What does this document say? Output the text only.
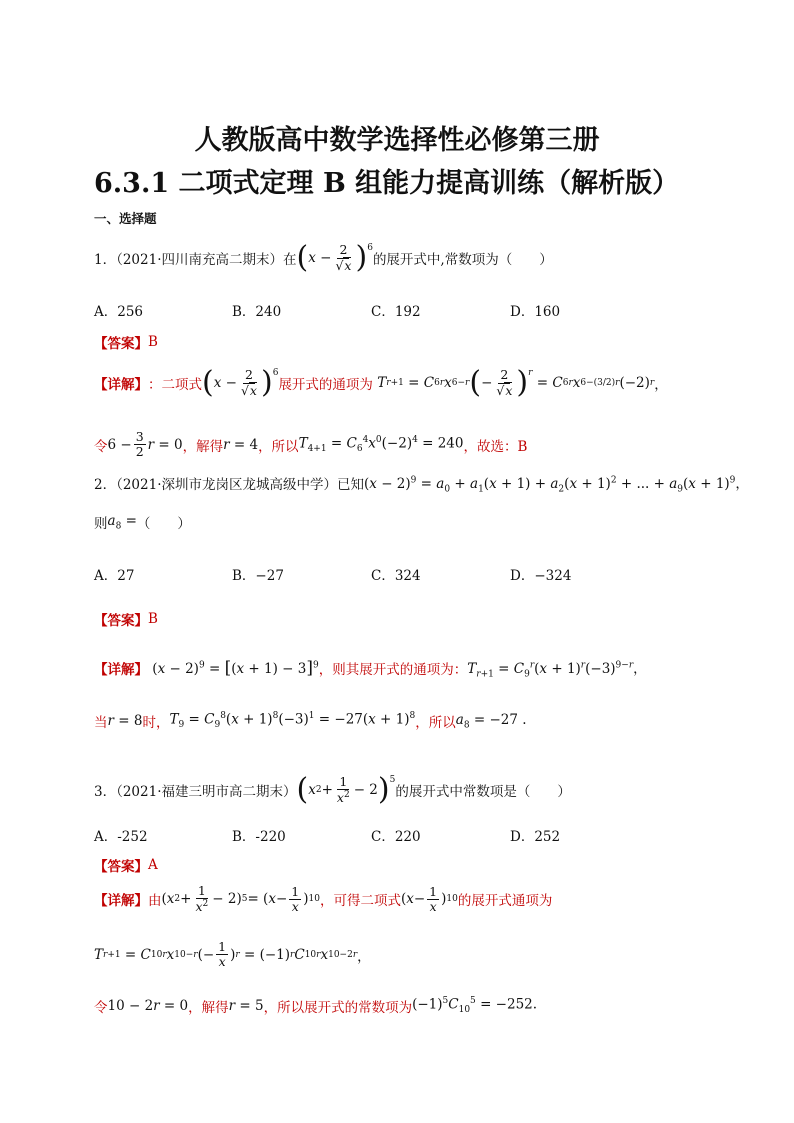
人教版高中数学选择性必修第三册
6.3.1 二项式定理 B 组能力提高训练（解析版）
一、选择题
1．（2021·四川南充高二期末）在 ( $x - \frac{2}{√x} )^6$
的展开式中,常数项为（　　）
A．256	B．240	C．192	D．160
【答案】 B
【详解】 ：二项式 ( $x - \frac{2}{√x} )^6$
展开式的通项为
T r+1 = C 6 r x 6−r ( − $\frac{2}{√x}$ ) $^r$
= C 6 r x 6−(3/2)r (−2) r ，
令 $6 - \frac{3}{2}$ r = 0 ，解得 r = 4 ，所以 $T_{4+1} = C_6^4x^0(-2)^4 = 240$ ，故选：B
2．（2021·深圳市龙岗区龙城高级中学）已知 $(x - 2)^9 = a_0 + a_1(x + 1) + a_2(x + 1)^2$ + ... + $a_9(x + 1)^9$，
则 $a_8$ = （　　）
A．27	B．−27	C．324	D．−324
【答案】 B
【详解】 $(x - 2)^9 = [(x + 1) - 3]^9$ ，则其展开式的通项为： $T_{r+1} = C_9^r(x + 1)^r(-3)^{9-r}$，
当 r = 8 时， $T_9 = C_9^8(x + 1)^8(-3)^1 = -27(x + 1)^8$ ，所以 $a_8 = -27$ .
3．（2021·福建三明市高二期末） ( x $2 + \frac{1}{x^2} - 2$ )$^5$
的展开式中常数项是（　　）
A．-252	B．-220	C．220	D．252
【答案】 A
【详解】 由 ( x $2 + \frac{1}{x^2} - 2$) 5 = ( $x - \frac{1}{x}$ ) 10 ，可得二项式 ( $x - \frac{1}{x}$ ) 10 的展开式通项为
T r+1 = C 10 r x 10−r (− $\frac{1}{x}$ ) r = (−1) r C 10 r x 10−2r ，
令 10 − 2r = 0 ，解得 r = 5 ，所以展开式的常数项为 $(-1)^5C_{10}^5 = -252$.
